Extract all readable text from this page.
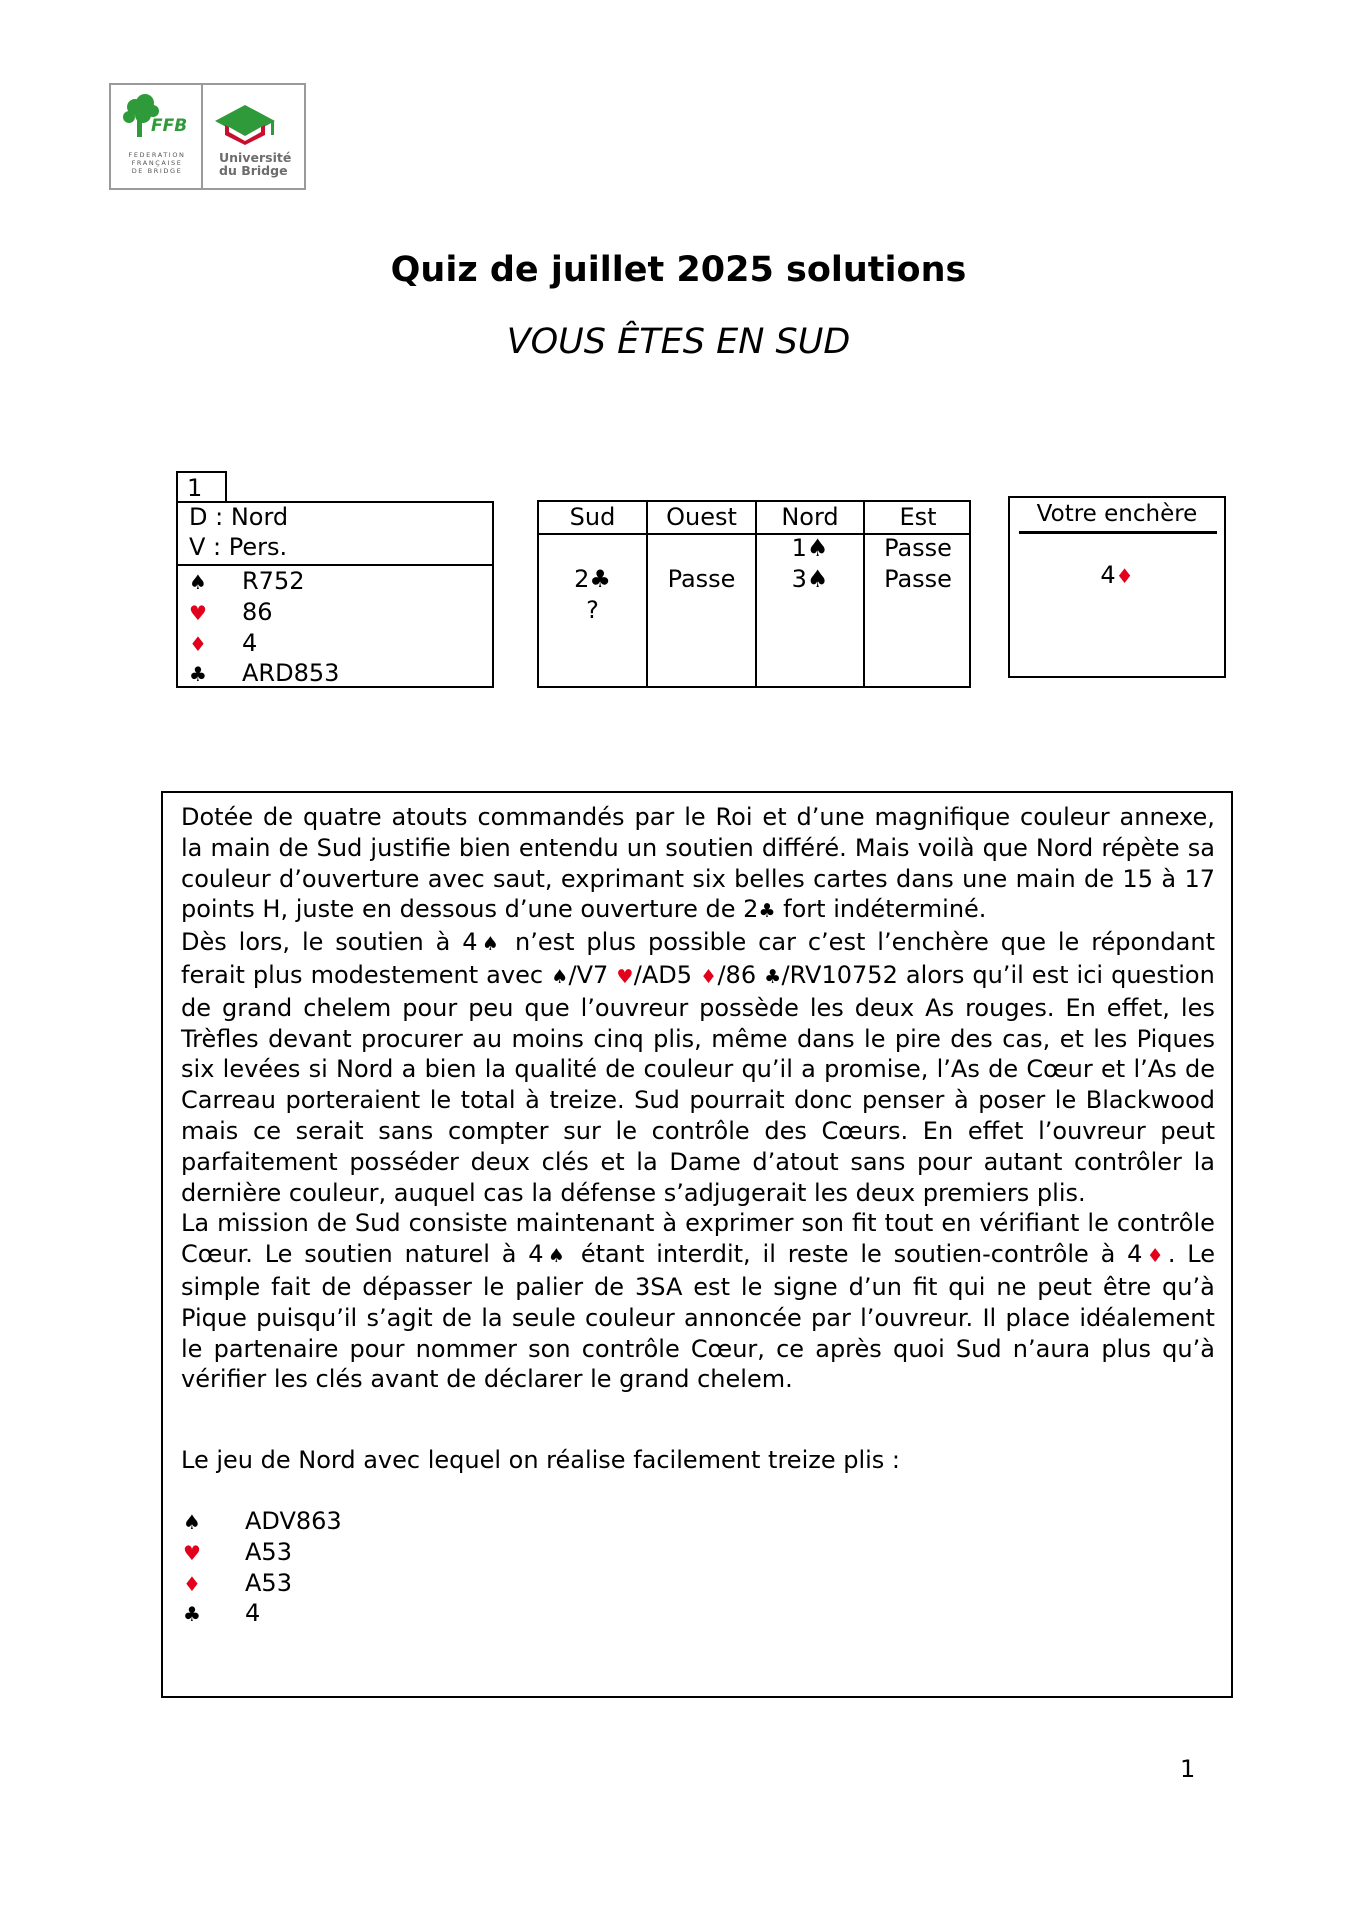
FFB
FEDERATION
FRANÇAISE
DE BRIDGE
Université
du Bridge
Quiz de juillet 2025 solutions
VOUS ÊTES EN SUD
1
D : Nord
V : Pers.
♠ R752
♥ 86
♦ 4
♣ ARD853
Sud
2♣
?
Ouest
Passe
Nord
1♠
3♠
Est
Passe
Passe
Votre enchère
4♦
Dotée de quatre atouts commandés par le Roi et d’une magnifque couleur annexe, la main de Sud justife bien entendu un soutien diféré. Mais voilà que Nord répète sa couleur d’ouverture avec saut, exprimant six belles cartes dans une main de 15 à 17 points H, juste en dessous d’une ouverture de 2♣ fort indéterminé.
Dès lors, le soutien à 4♠ n’est plus possible car c’est l’enchère que le répondant ferait plus modestement avec ♠/V7 ♥/AD5 ♦/86 ♣/RV10752 alors qu’il est ici question de grand chelem pour peu que l’ouvreur possède les deux As rouges. En efet, les Trèfes devant procurer au moins cinq plis, même dans le pire des cas, et les Piques six levées si Nord a bien la qualité de couleur qu’il a promise, l’As de Cœur et l’As de Carreau porteraient le total à treize. Sud pourrait donc penser à poser le Blackwood mais ce serait sans compter sur le contrôle des Cœurs. En efet l’ouvreur peut parfaitement posséder deux clés et la Dame d’atout sans pour autant contrôler la dernière couleur, auquel cas la défense s’adjugerait les deux premiers plis.
La mission de Sud consiste maintenant à exprimer son ft tout en vérifant le contrôle Cœur. Le soutien naturel à 4♠ étant interdit, il reste le soutien-contrôle à 4♦. Le simple fait de dépasser le palier de 3SA est le signe d’un ft qui ne peut être qu’à Pique puisqu’il s’agit de la seule couleur annoncée par l’ouvreur. Il place idéalement le partenaire pour nommer son contrôle Cœur, ce après quoi Sud n’aura plus qu’à vérifer les clés avant de déclarer le grand chelem.
Le jeu de Nord avec lequel on réalise facilement treize plis :
♠ ADV863
♥ A53
♦ A53
♣ 4
1
